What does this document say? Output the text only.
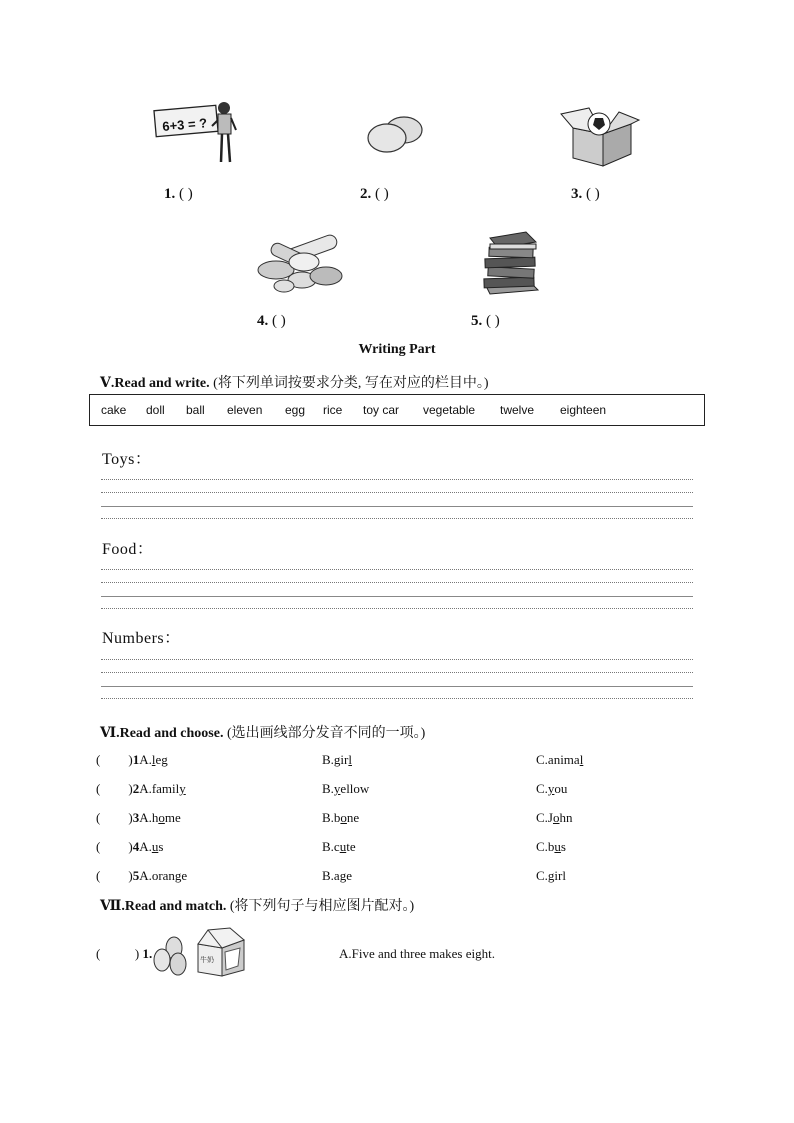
6+3 = ?
1. ( )	2. ( )	3. ( )
4. ( )	5. ( )
Writing Part
Ⅴ.Read and write. (将下列单词按要求分类, 写在对应的栏目中。)
cake doll ball eleven egg rice toy car vegetable twelve eighteen
Toys：
Food：
Numbers：
Ⅵ.Read and choose. (选出画线部分发音不同的一项。)
( )1A.leg	B.girl	C.animal
( )2A.family	B.yellow	C.you
( )3A.home	B.bone	C.John
( )4A.us	B.cute	C.bus
( )5A.orange	B.age	C.girl
Ⅶ.Read and match. (将下列句子与相应图片配对。)
(	) 1.	牛奶	A.Five and three makes eight.
